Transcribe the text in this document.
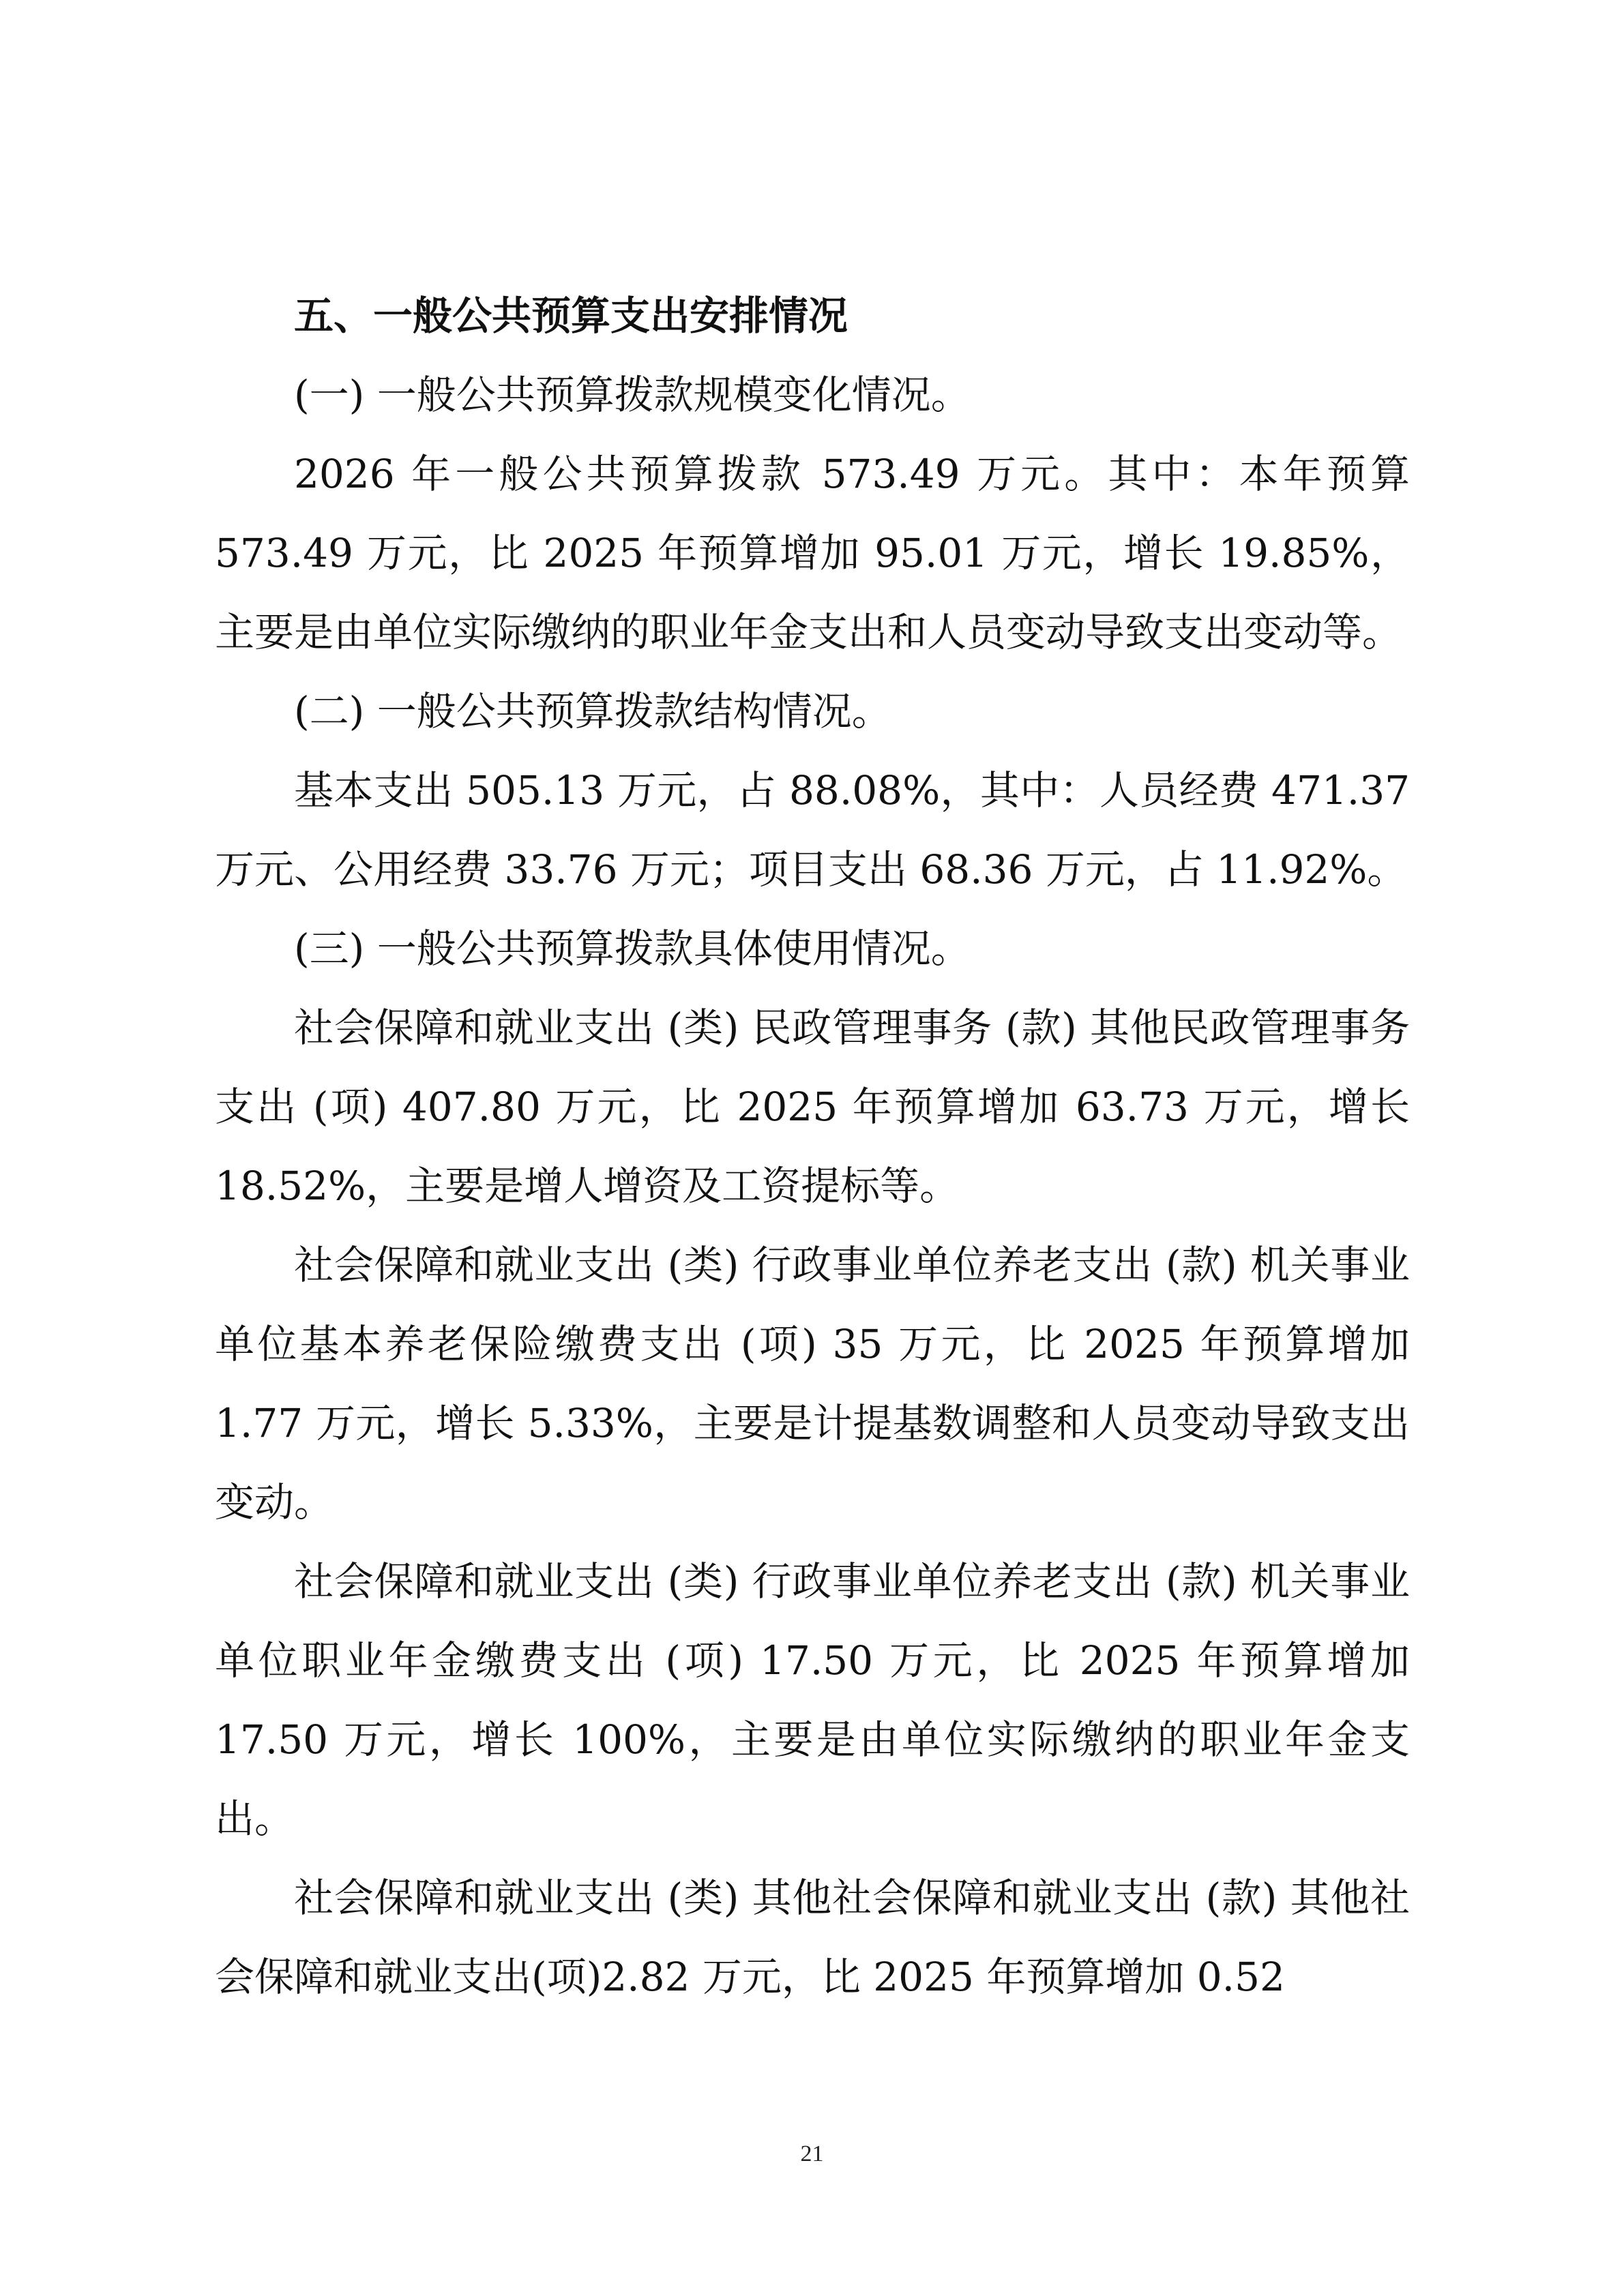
五、一般公共预算支出安排情况

(一) 一般公共预算拨款规模变化情况。

2026 年一般公共预算拨款 573.49 万元。其中：本年预算 573.49 万元，比 2025 年预算增加 95.01 万元，增长 19.85%，主要是由单位实际缴纳的职业年金支出和人员变动导致支出变动等。

(二) 一般公共预算拨款结构情况。

基本支出 505.13 万元，占 88.08%，其中：人员经费 471.37 万元、公用经费 33.76 万元；项目支出 68.36 万元，占 11.92%。

(三) 一般公共预算拨款具体使用情况。

社会保障和就业支出 (类) 民政管理事务 (款) 其他民政管理事务支出 (项) 407.80 万元，比 2025 年预算增加 63.73 万元，增长 18.52%，主要是增人增资及工资提标等。

社会保障和就业支出 (类) 行政事业单位养老支出 (款) 机关事业单位基本养老保险缴费支出 (项) 35 万元，比 2025 年预算增加 1.77 万元，增长 5.33%，主要是计提基数调整和人员变动导致支出变动。

社会保障和就业支出 (类) 行政事业单位养老支出 (款) 机关事业单位职业年金缴费支出 (项) 17.50 万元，比 2025 年预算增加 17.50 万元，增长 100%，主要是由单位实际缴纳的职业年金支出。

社会保障和就业支出 (类) 其他社会保障和就业支出 (款) 其他社会保障和就业支出(项)2.82 万元，比 2025 年预算增加 0.52

21
